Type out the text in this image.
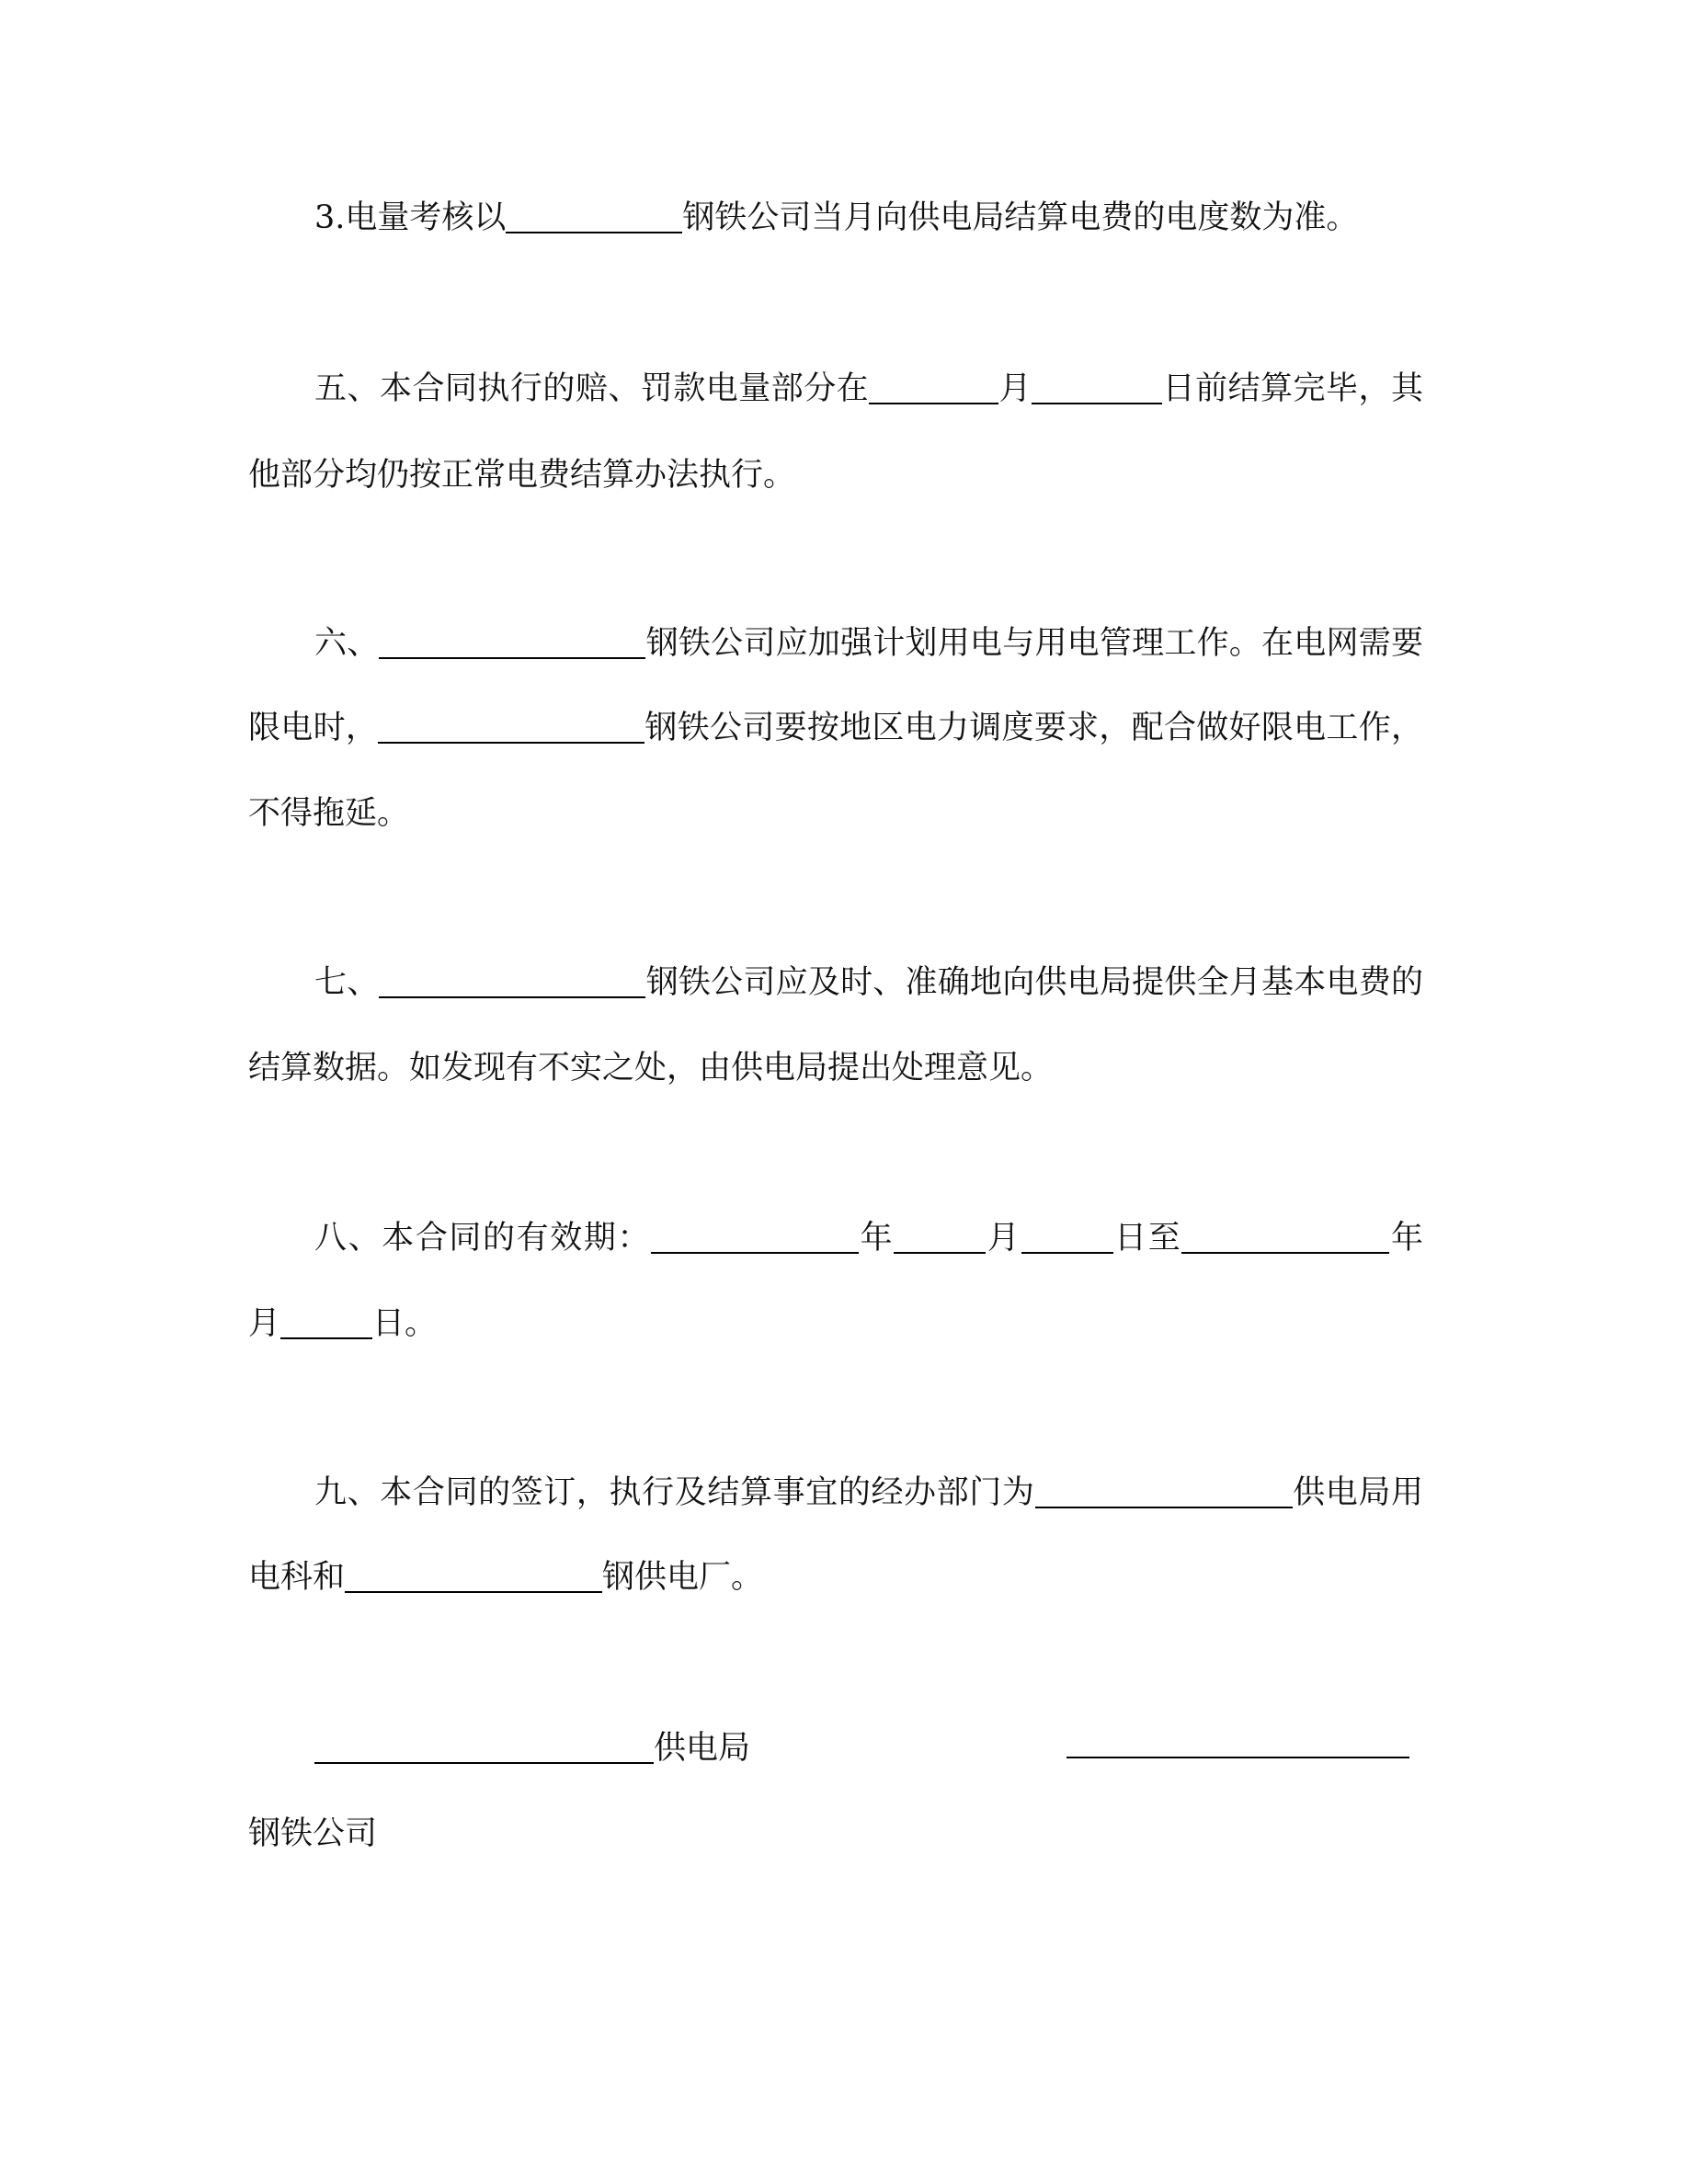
3.电量考核以	钢铁公司当月向供电局结算电费的电度数为准。
五、本合同执行的赔、罚款电量部分在	月	日前结算完毕，其
他部分均仍按正常电费结算办法执行。
六、	钢铁公司应加强计划用电与用电管理工作。在电网需要
限电时，	钢铁公司要按地区电力调度要求，配合做好限电工作，
不得拖延。
七、	钢铁公司应及时、准确地向供电局提供全月基本电费的
结算数据。如发现有不实之处，由供电局提出处理意见。
八、本合同的有效期：	年	月	日至	年
月	日。
九、本合同的签订，执行及结算事宜的经办部门为	供电局用
电科和	钢供电厂。
供电局
钢铁公司
